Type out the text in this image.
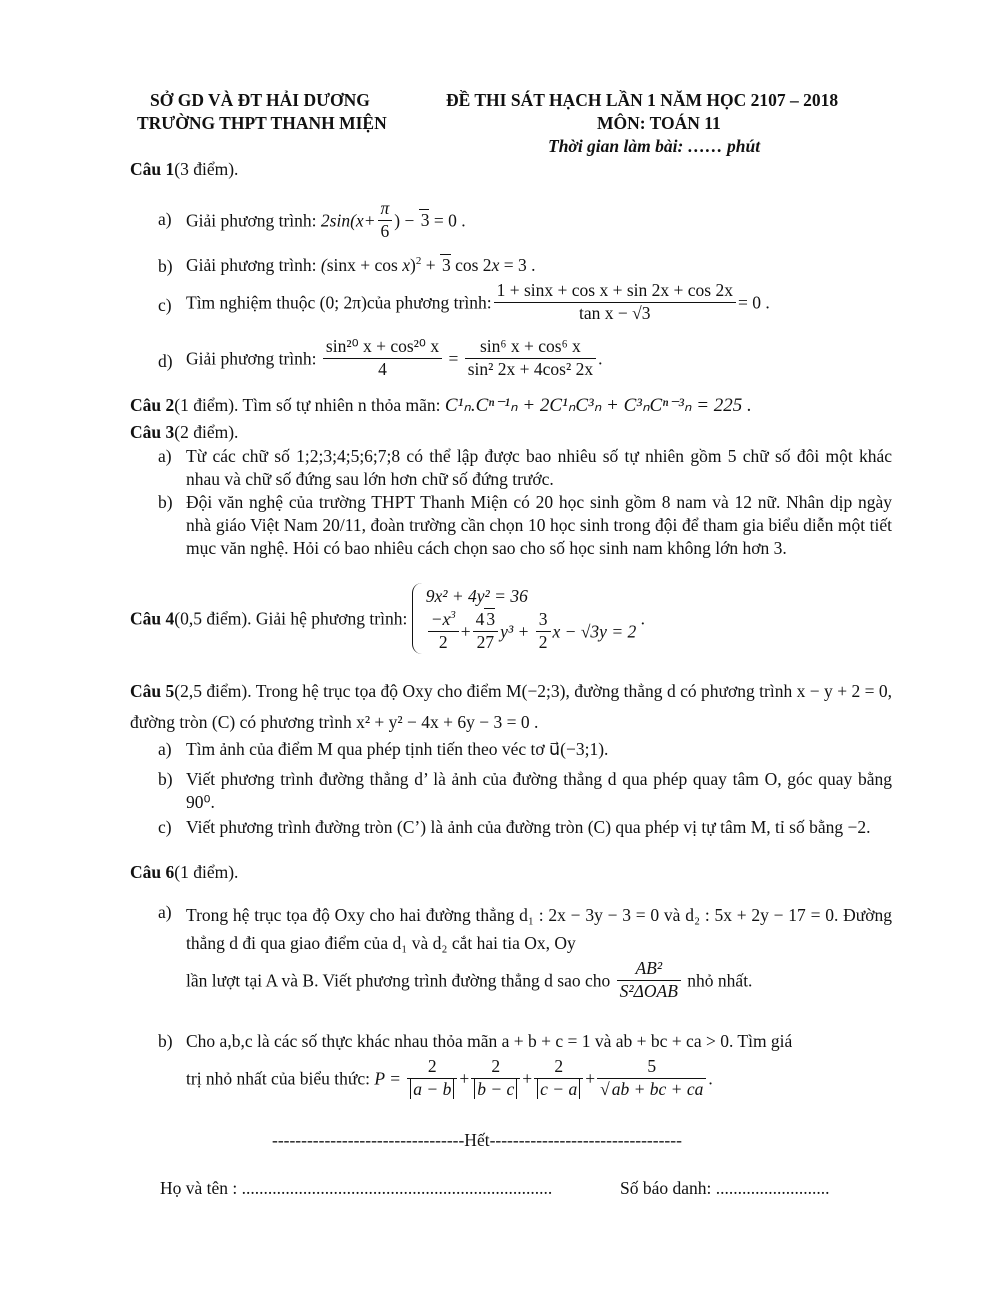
SỞ GD VÀ ĐT HẢI DƯƠNG
TRƯỜNG THPT THANH MIỆN
ĐỀ THI SÁT HẠCH LẦN 1 NĂM HỌC 2107 – 2018
MÔN: TOÁN 11
Thời gian làm bài: …… phút
Câu 1(3 điểm).
a) Giải phương trình: $2\sin(x+ \frac{\pi}{6}$ ) − 3 = 0 .
b) Giải phương trình: $(\sin x + \cos x)^2 + 3$ cos 2x = 3 .
c) Tìm nghiệm thuộc (0; 2π)của phương trình: $\frac{\text{1 + sinx + cos x + sin 2x + cos 2x}}{\text{tan x − √3}} = 0$ .
d) Giải phương trình: $\frac{\text{sin²⁰ x + cos²⁰ x}}{4} = \frac{\text{sin⁶ x + cos⁶ x}}{\text{sin² 2x + 4cos² 2x}}$ .
Câu 2(1 điểm). Tìm số tự nhiên n thỏa mãn: C¹ₙ.Cⁿ⁻¹ₙ + 2C¹ₙC³ₙ + C³ₙCⁿ⁻³ₙ = 225 .
Câu 3(2 điểm).
a) Từ các chữ số 1;2;3;4;5;6;7;8 có thể lập được bao nhiêu số tự nhiên gồm 5 chữ số đôi một khác nhau và chữ số đứng sau lớn hơn chữ số đứng trước.
b) Đội văn nghệ của trường THPT Thanh Miện có 20 học sinh gồm 8 nam và 12 nữ. Nhân dịp ngày nhà giáo Việt Nam 20/11, đoàn trường cần chọn 10 học sinh trong đội để tham gia biểu diễn một tiết mục văn nghệ. Hỏi có bao nhiêu cách chọn sao cho số học sinh nam không lớn hơn 3.
Câu 4(0,5 điểm). Giải hệ phương trình:
9x² + 4y² = 36
$\frac{-x^3}{2} + \frac{4 3}{27} y^3 + \frac{3}{2}$ x − √3y = 2
.
Câu 5(2,5 điểm). Trong hệ trục tọa độ Oxy cho điểm M(−2;3), đường thẳng d có phương trình x − y + 2 = 0, đường tròn (C) có phương trình x² + y² − 4x + 6y − 3 = 0 .
a) Tìm ảnh của điểm M qua phép tịnh tiến theo véc tơ u⃗(−3;1).
b) Viết phương trình đường thẳng d’ là ảnh của đường thẳng d qua phép quay tâm O, góc quay bằng 90⁰.
c) Viết phương trình đường tròn (C’) là ảnh của đường tròn (C) qua phép vị tự tâm M, tỉ số bằng −2.
Câu 6(1 điểm).
a) Trong hệ trục tọa độ Oxy cho hai đường thẳng d₁ : 2x − 3y − 3 = 0 và d₂ : 5x + 2y − 17 = 0. Đường thẳng d đi qua giao điểm của d₁ và d₂ cắt hai tia Ox, Oy
lần lượt tại A và B. Viết phương trình đường thẳng d sao cho $\frac{\text{AB²}}{\text{S²ΔOAB}}$ nhỏ nhất.
b) Cho a,b,c là các số thực khác nhau thỏa mãn a + b + c = 1 và ab + bc + ca > 0. Tìm giá
trị nhỏ nhất của biểu thức: $P = \frac{2}{a - b} + \frac{2}{b - c} + \frac{2}{c - a} + \frac{5}{√ ab + bc + ca}$ .
---------------------------------Hết---------------------------------
Họ và tên : .......................................................................	Số báo danh: ..........................
